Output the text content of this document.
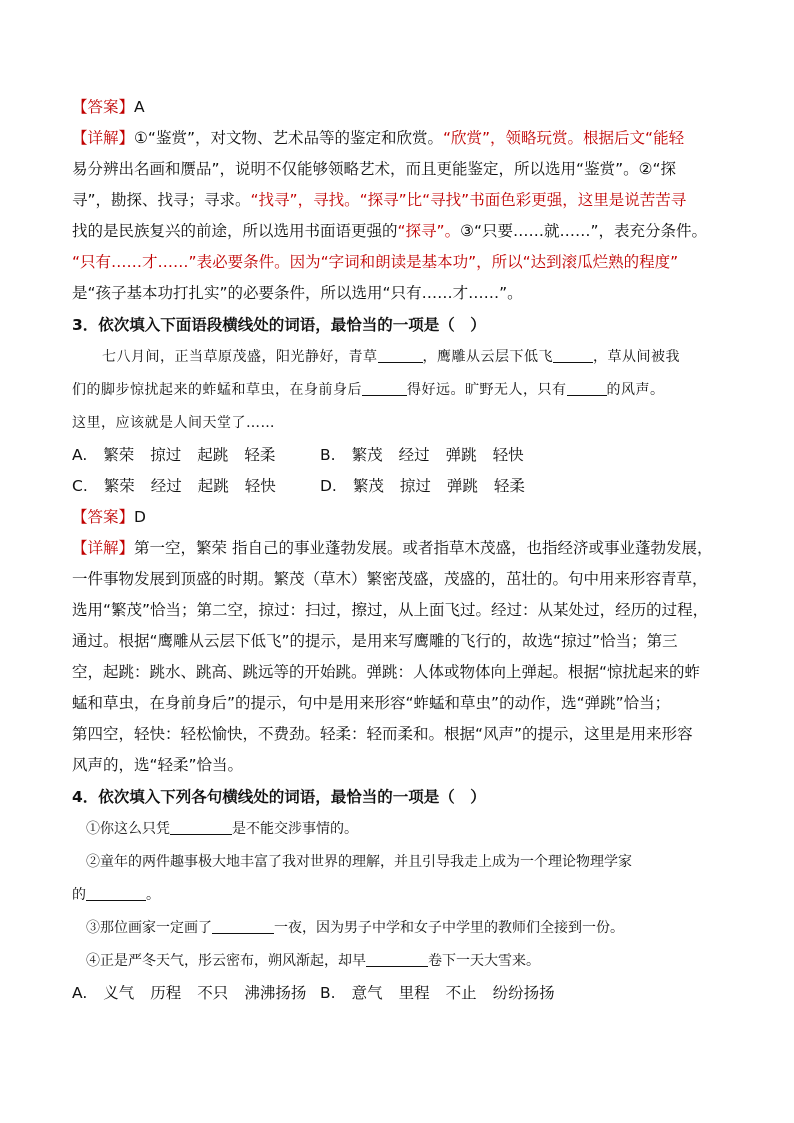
【答案】A
【详解】①“鉴赏”，对文物、艺术品等的鉴定和欣赏。“欣赏”，领略玩赏。根据后文“能轻
易分辨出名画和赝品”，说明不仅能够领略艺术，而且更能鉴定，所以选用“鉴赏”。②“探
寻”，勘探、找寻；寻求。“找寻”，寻找。“探寻”比“寻找”书面色彩更强，这里是说苦苦寻
找的是民族复兴的前途，所以选用书面语更强的“探寻”。③“只要……就……”，表充分条件。
“只有……才……”表必要条件。因为“字词和朗读是基本功”，所以“达到滚瓜烂熟的程度”
是“孩子基本功打扎实”的必要条件，所以选用“只有……才……”。
3．依次填入下面语段横线处的词语，最恰当的一项是（　）
七八月间，正当草原茂盛，阳光静好，青草	，鹰雕从云层下低飞	，草从间被我
们的脚步惊扰起来的蚱蜢和草虫，在身前身后	得好远。旷野无人，只有	的风声。
这里，应该就是人间天堂了……
A. 繁荣 掠过 起跳 轻柔	B. 繁茂 经过 弹跳 轻快
C. 繁荣 经过 起跳 轻快	D. 繁茂 掠过 弹跳 轻柔
【答案】D
【详解】第一空，繁荣 指自己的事业蓬勃发展。或者指草木茂盛，也指经济或事业蓬勃发展，
一件事物发展到顶盛的时期。繁茂（草木）繁密茂盛，茂盛的，茁壮的。句中用来形容青草，
选用“繁茂”恰当；第二空，掠过：扫过，擦过，从上面飞过。经过：从某处过，经历的过程，
通过。根据“鹰雕从云层下低飞”的提示，是用来写鹰雕的飞行的，故选“掠过”恰当；第三
空，起跳：跳水、跳高、跳远等的开始跳。弹跳：人体或物体向上弹起。根据“惊扰起来的蚱
蜢和草虫，在身前身后”的提示，句中是用来形容“蚱蜢和草虫”的动作，选“弹跳”恰当；
第四空，轻快：轻松愉快，不费劲。轻柔：轻而柔和。根据“风声”的提示，这里是用来形容
风声的，选“轻柔”恰当。
4．依次填入下列各句横线处的词语，最恰当的一项是（　）
①你这么只凭	是不能交涉事情的。
②童年的两件趣事极大地丰富了我对世界的理解，并且引导我走上成为一个理论物理学家
的	。
③那位画家一定画了	一夜，因为男子中学和女子中学里的教师们全接到一份。
④正是严冬天气，彤云密布，朔风渐起，却早	卷下一天大雪来。
A. 义气 历程 不只 沸沸扬扬 B. 意气 里程 不止 纷纷扬扬
